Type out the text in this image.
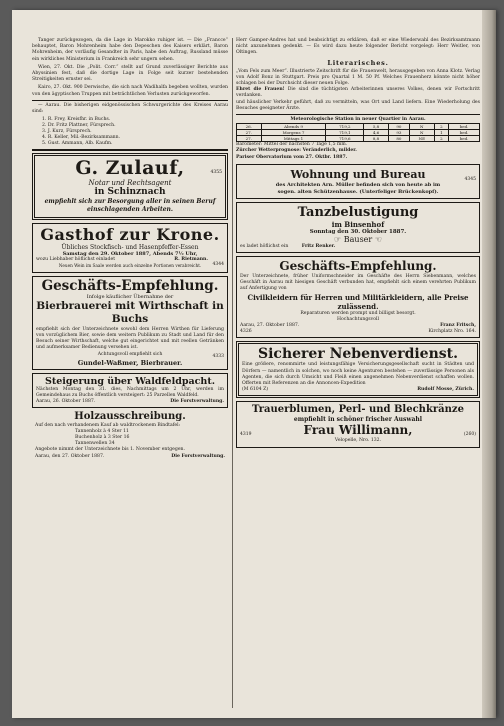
Tanger zurückgezogen, da die Lage in Marokko ruhiger ist. — Die „Francce“ behauptet, Baron Mohrenheim habe den Depeschen des Kaisers erklärt, Baron Mohrenheim, der vorläufig Gesandter in Paris, habe den Auftrag, Russland müsse ein wirkliches Ministerium in Frankreich sehr ungern sehen.

Wien, 27. Okt. Die „Polit. Corr.“ stellt auf Grund zuverlässiger Berichte aus Abyssinien fest, daß die dortige Lage in Folge seit kurzer bestehenden Streitigkeiten ernster sei.

Kairo, 27. Okt. 900 Derwische, die sich nach Wadihalfa begeben wollten, wurden von den ägyptischen Truppen mit beträchtlichen Verlusten zurückgeworfen.

— Aarau. Die bisherigen eidgenössischen Schwurgerichte des Kreises Aarau sind:

1. R. Frey, Kreisfhr. in Buchs.
2. Dr. Fritz Plattner, Fürsprech.
3. J. Kurz, Fürsprech.
4. R. Keller, Mil.-Bezirksammann.
5. Gust. Ammann, Alb. Kaufm.
G. Zulauf,
Notar und Rechtsagent
in Schinznach
empfiehlt sich zur Besorgung aller in seinen Beruf einschlagenden Arbeiten.
4355
Gasthof zur Krone.
Übliches Stockfisch- und Hasenpfeffer-Essen
Samstag den 29. Oktober 1887, Abends 7½ Uhr,
wozu Liebhaber höflichst einladet	R. Rietmann.
Neuen Wein im Saale werden auch einzelne Portionen verabreicht.	4344
Geschäfts-Empfehlung.
Infolge käuflicher Übernahme der
Bierbrauerei mit Wirthschaft in Buchs
empfiehlt sich der Unterzeichnete sowohl dem Herren Wirthen für Lieferung von vorzüglichem Bier, sowie dem weitern Publikum zu Stadt und Land für den Besuch seiner Wirthschaft, welche gut eingerichtet und mit reellen Getränken und aufmerksamer Bedienung versehen ist.
Achtungsvoll empfiehlt sich
Gundel-Waßmer, Bierbrauer.
4333
Steigerung über Waldfeldpacht.
Nächsten Montag den 31. dies, Nachmittags um 2 Uhr, werden im Gemeindehaus zu Buchs öffentlich versteigert: 25 Parzellen Waldfeld.
Aarau, 26. Oktober 1887.	Die Forstverwaltung.
Holzausschreibung.
Auf den nach verhandenem Kauf ab waldtrockenem Bindtafel:
Tannenholz à 4 Ster 11
Buchenholz à 3 Ster 16
Tannenwellen 34
Angebote nimmt der Unterzeichnete bis 1. November entgegen.
Aarau, den 27. Oktober 1887.	Die Forstverwaltung.
Herr Gamper-Andres hat und beabsichtigt zu erklären, daß er eine Wiederwahl des Bezirksamtmann nicht anzunehmen gedenkt. — Es wird dazu heute folgender Bericht vorgelegt: Herr Weitler, von Oltingen.
Literarisches.
„Vom Fels zum Meer“. Illustrierte Zeitschrift für die Frauenwelt, herausgegeben von Anna Klotz. Verlag von Adolf Bonz in Stuttgart. Preis pro Quartal 1 M. 50 Pf. Welches Frauenherz könnte nicht höher schlagen bei der Durchsicht dieser neuen Folge.
Ehret die Frauen! Die sind die tüchtigsten Arbeiterinnen unseres Volkes, denen wir Fortschritt verdanken.
und häuslicher Verkehr geführt, daß zu vermitteln, was Ort und Land liefern. Eine Wiederholung des Besuches geeigneter Ärzte.
Meteorologische Station in neuer Quartier in Aarau.
26.	Abends 9	719,2	5,8	90	N	2	bed.
27.	Morgens 7	719,1	4,6	93	N	1	bed.
27.	Mittags 1	719,6	8,8	80	NE	2	bed.
Barometer: Mittel der nächsten 7 Tage 1,5 mm.
Zürcher Wetterprognose: Veränderlich, milder.
Pariser Obervatorium vom 27. Oktbr. 1887.
Wohnung und Bureau
des Architekten Arn. Müller befinden sich von heute ab im
sogen. alten Schützenhause. (Unterfeliger Brückenkopf).
4345
Tanzbelustigung
im Binsenhof
Sonntag den 30. Oktober 1887.
☞ Bauser ☜
es ladet höflichst ein	Fritz Renker.
Geschäfts-Empfehlung.
Der Unterzeichnete, früher Uniformschneider im Geschäfte des Herrn Siebenmann, welches Geschäft in Aarau mit hiesigen Geschäft verbunden hat, empfiehlt sich einem verehrten Publikum auf Anfertigung von
Civilkleidern für Herren und Militärkleidern, alle Preise zulässend.
Reparaturen werden prompt und billigst besorgt.
Hochachtungsvoll
Aarau, 27. Oktober 1887.	Franz Fritsch,
4326	Kirchplatz Nro. 164.
Sicherer Nebenverdienst.
Eine größere, renommirte und leistungsfähige Versicherungsgesellschaft sucht in Städten und Dörfern — namentlich in solchen, wo noch keine Agenturen bestehen — zuverlässige Personen als Agenten, die sich durch Umsicht und Fleiß einen angenehmen Nebenverdienst schaffen wollen. Offerten mit Referenzen an die Annoncen-Expedition
(M 6104 Z)	Rudolf Mosse, Zürich.
Trauerblumen, Perl- und Blechkränze
empfiehlt in schöner frischer Auswahl
Frau Willimann,
Velopelle, Nro. 132.
4319	(260)
